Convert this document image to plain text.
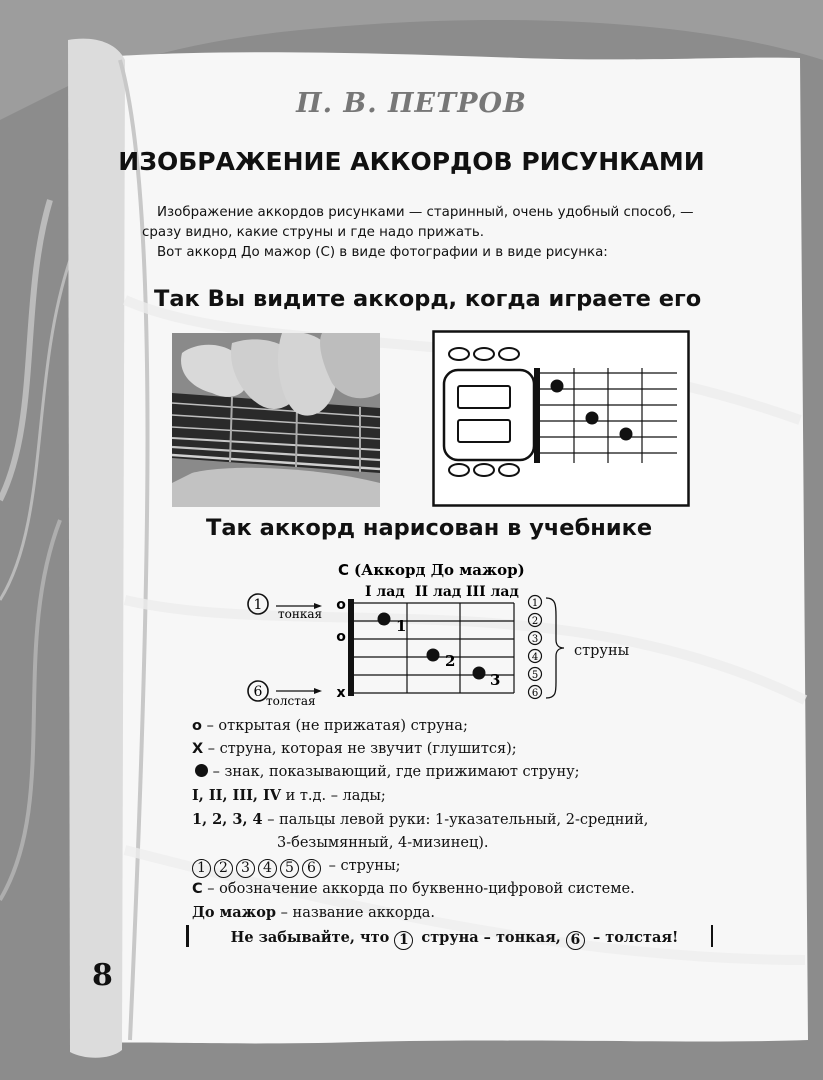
П. В. ПЕТРОВ
ИЗОБРАЖЕНИЕ АККОРДОВ РИСУНКАМИ

Изображение аккордов рисунками — старинный, очень удобный способ, —

сразу видно, какие струны и где надо прижать.

Вот аккорд До мажор (С) в виде фотографии и в виде рисунка:

Так Вы видите аккорд, когда играете его
Так аккорд нарисован в учебнике
C (Аккорд До мажор)
I лад II лад III лад
1
тонкая
6
толстая
o
o
x
1
2
3
1
2
3
4
5
6
струны
o – открытая (не прижатая) струна;
X – струна, которая не звучит (глушится);
– знак, показывающий, где прижимают струну;
I, II, III, IV и т.д. – лады;
1, 2, 3, 4 – пальцы левой руки: 1-указательный, 2-средний,
3-безымянный, 4-мизинец).
1 2 3 4 5 6 – струны;
С – обозначение аккорда по буквенно-цифровой системе.
До мажор – название аккорда.
Не забывайте, что 1 струна – тонкая, 6 – толстая!
8
